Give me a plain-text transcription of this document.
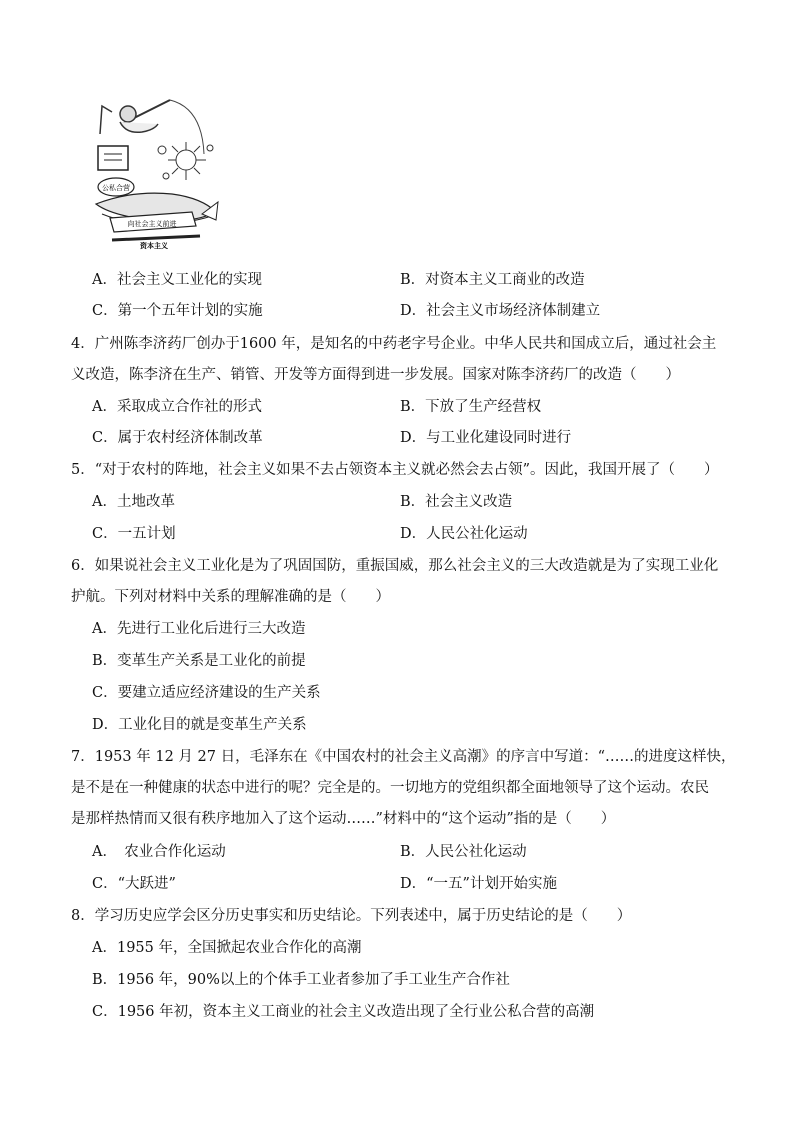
公私合营
向社会主义前进
资本主义
A．社会主义工业化的实现	B．对资本主义工商业的改造
C．第一个五年计划的实施	D．社会主义市场经济体制建立
4．广州陈李济药厂创办于1600 年，是知名的中药老字号企业。中华人民共和国成立后，通过社会主
义改造，陈李济在生产、销管、开发等方面得到进一步发展。国家对陈李济药厂的改造（　　）
A．采取成立合作社的形式	B．下放了生产经营权
C．属于农村经济体制改革	D．与工业化建设同时进行
5．“对于农村的阵地，社会主义如果不去占领资本主义就必然会去占领”。因此，我国开展了（　　）
A．土地改革	B．社会主义改造
C．一五计划	D．人民公社化运动
6．如果说社会主义工业化是为了巩固国防，重振国威，那么社会主义的三大改造就是为了实现工业化
护航。下列对材料中关系的理解准确的是（　　）
A．先进行工业化后进行三大改造
B．变革生产关系是工业化的前提
C．要建立适应经济建设的生产关系
D．工业化目的就是变革生产关系
7．1953 年 12 月 27 日，毛泽东在《中国农村的社会主义高潮》的序言中写道：“……的进度这样快，
是不是在一种健康的状态中进行的呢？完全是的。一切地方的党组织都全面地领导了这个运动。农民
是那样热情而又很有秩序地加入了这个运动……”材料中的“这个运动”指的是（　　）
A．　农业合作化运动	B．人民公社化运动
C．“大跃进”	D．“一五”计划开始实施
8．学习历史应学会区分历史事实和历史结论。下列表述中，属于历史结论的是（　　）
A．1955 年，全国掀起农业合作化的高潮
B．1956 年，90%以上的个体手工业者参加了手工业生产合作社
C．1956 年初，资本主义工商业的社会主义改造出现了全行业公私合营的高潮
